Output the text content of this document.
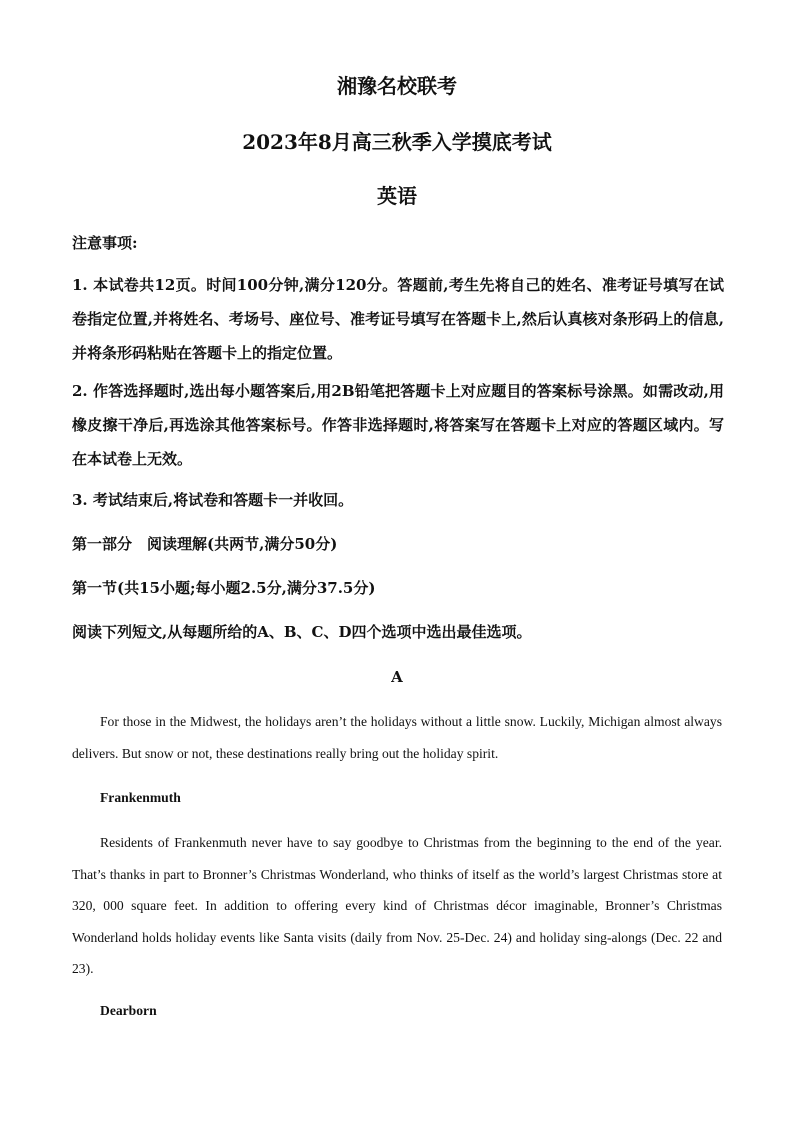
湘豫名校联考
2023年8月高三秋季入学摸底考试
英语
注意事项:
1. 本试卷共12页。时间100分钟,满分120分。答题前,考生先将自己的姓名、准考证号填写在试卷指定位置,并将姓名、考场号、座位号、准考证号填写在答题卡上,然后认真核对条形码上的信息,并将条形码粘贴在答题卡上的指定位置。
2. 作答选择题时,选出每小题答案后,用2B铅笔把答题卡上对应题目的答案标号涂黑。如需改动,用橡皮擦干净后,再选涂其他答案标号。作答非选择题时,将答案写在答题卡上对应的答题区域内。写在本试卷上无效。
3. 考试结束后,将试卷和答题卡一并收回。
第一部分　阅读理解(共两节,满分50分)
第一节(共15小题;每小题2.5分,满分37.5分)
阅读下列短文,从每题所给的A、B、C、D四个选项中选出最佳选项。
A
For those in the Midwest, the holidays aren’t the holidays without a little snow. Luckily, Michigan almost always delivers. But snow or not, these destinations really bring out the holiday spirit.
Frankenmuth
Residents of Frankenmuth never have to say goodbye to Christmas from the beginning to the end of the year. That’s thanks in part to Bronner’s Christmas Wonderland, who thinks of itself as the world’s largest Christmas store at 320, 000 square feet. In addition to offering every kind of Christmas décor imaginable, Bronner’s Christmas Wonderland holds holiday events like Santa visits (daily from Nov. 25-Dec. 24) and holiday sing-alongs (Dec. 22 and 23).
Dearborn
